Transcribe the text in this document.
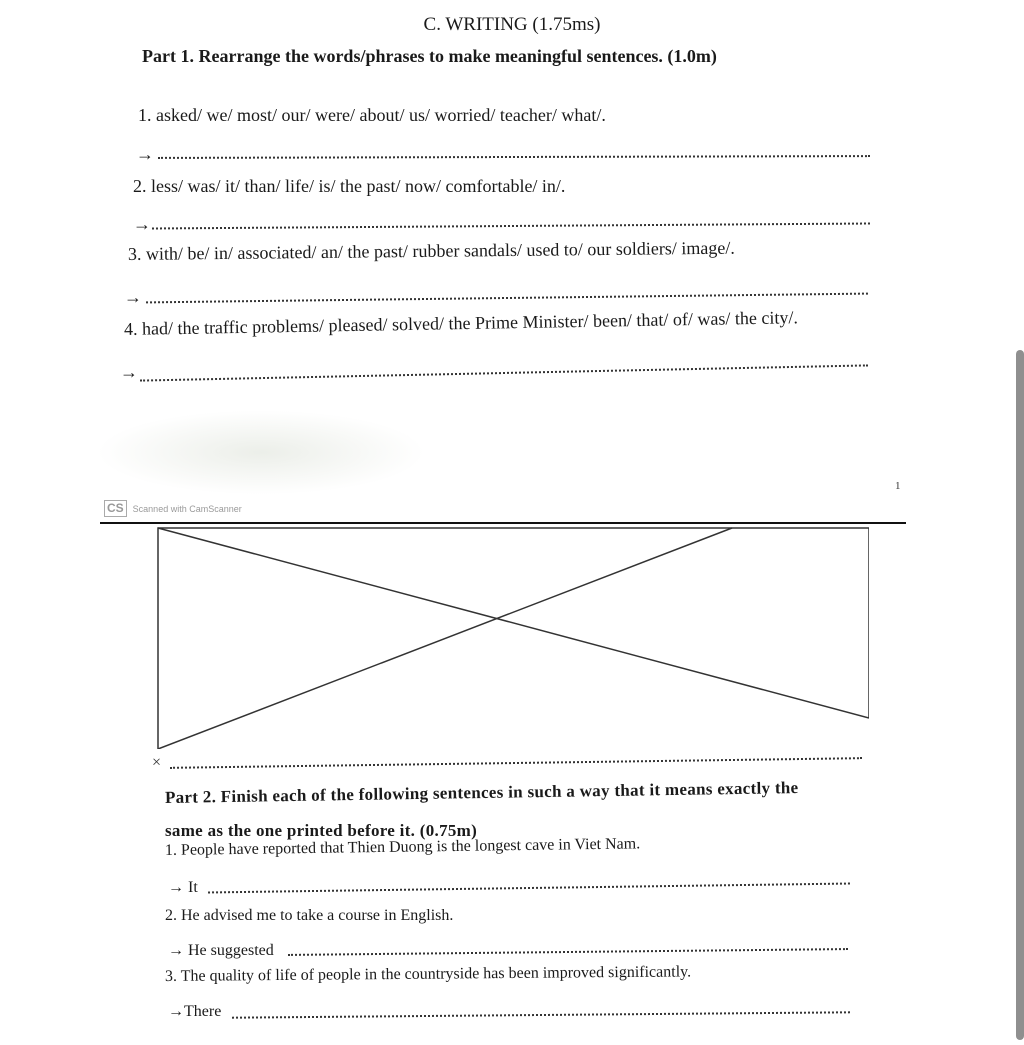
C. WRITING (1.75ms)
Part 1. Rearrange the words/phrases to make meaningful sentences. (1.0m)
1. asked/ we/ most/ our/ were/ about/ us/ worried/ teacher/ what/.
→
2. less/ was/ it/ than/ life/ is/ the past/ now/ comfortable/ in/.
→
3. with/ be/ in/ associated/ an/ the past/ rubber sandals/ used to/ our soldiers/ image/.
→
4. had/ the traffic problems/ pleased/ solved/ the Prime Minister/ been/ that/ of/ was/ the city/.
→
1
CS	Scanned with CamScanner
×
Part 2. Finish each of the following sentences in such a way that it means exactly the
same as the one printed before it. (0.75m)
1. People have reported that Thien Duong is the longest cave in Viet Nam.
→ It
2. He advised me to take a course in English.
→ He suggested
3. The quality of life of people in the countryside has been improved significantly.
→There
